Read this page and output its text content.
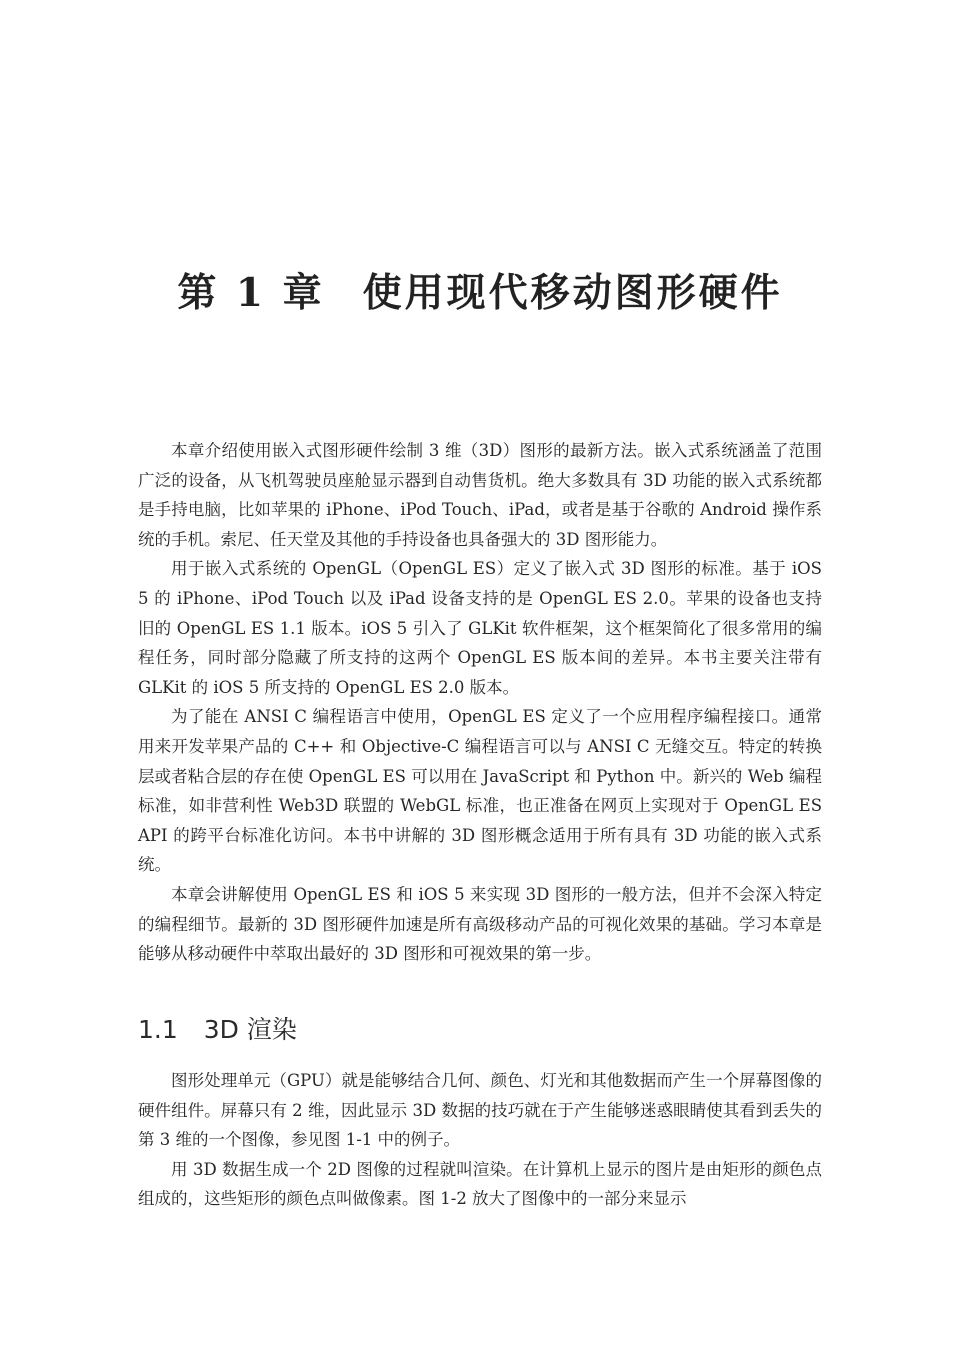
第 1 章 使用现代移动图形硬件

本章介绍使用嵌入式图形硬件绘制 3 维（3D）图形的最新方法。嵌入式系统涵盖了范围广泛的设备，从飞机驾驶员座舱显示器到自动售货机。绝大多数具有 3D 功能的嵌入式系统都是手持电脑，比如苹果的 iPhone、iPod Touch、iPad，或者是基于谷歌的 Android 操作系统的手机。索尼、任天堂及其他的手持设备也具备强大的 3D 图形能力。

用于嵌入式系统的 OpenGL（OpenGL ES）定义了嵌入式 3D 图形的标准。基于 iOS 5 的 iPhone、iPod Touch 以及 iPad 设备支持的是 OpenGL ES 2.0。苹果的设备也支持旧的 OpenGL ES 1.1 版本。iOS 5 引入了 GLKit 软件框架，这个框架简化了很多常用的编程任务，同时部分隐藏了所支持的这两个 OpenGL ES 版本间的差异。本书主要关注带有 GLKit 的 iOS 5 所支持的 OpenGL ES 2.0 版本。

为了能在 ANSI C 编程语言中使用，OpenGL ES 定义了一个应用程序编程接口。通常用来开发苹果产品的 C++ 和 Objective-C 编程语言可以与 ANSI C 无缝交互。特定的转换层或者粘合层的存在使 OpenGL ES 可以用在 JavaScript 和 Python 中。新兴的 Web 编程标准，如非营利性 Web3D 联盟的 WebGL 标准，也正准备在网页上实现对于 OpenGL ES API 的跨平台标准化访问。本书中讲解的 3D 图形概念适用于所有具有 3D 功能的嵌入式系统。

本章会讲解使用 OpenGL ES 和 iOS 5 来实现 3D 图形的一般方法，但并不会深入特定的编程细节。最新的 3D 图形硬件加速是所有高级移动产品的可视化效果的基础。学习本章是能够从移动硬件中萃取出最好的 3D 图形和可视效果的第一步。

1.1 3D 渲染

图形处理单元（GPU）就是能够结合几何、颜色、灯光和其他数据而产生一个屏幕图像的硬件组件。屏幕只有 2 维，因此显示 3D 数据的技巧就在于产生能够迷惑眼睛使其看到丢失的第 3 维的一个图像，参见图 1-1 中的例子。

用 3D 数据生成一个 2D 图像的过程就叫渲染。在计算机上显示的图片是由矩形的颜色点组成的，这些矩形的颜色点叫做像素。图 1-2 放大了图像中的一部分来显示
